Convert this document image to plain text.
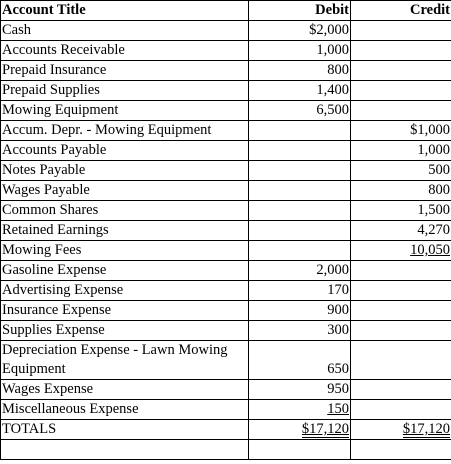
Account Title	Debit	Credit
Cash	$2,000	
Accounts Receivable	1,000	
Prepaid Insurance	800	
Prepaid Supplies	1,400	
Mowing Equipment	6,500	
Accum. Depr. - Mowing Equipment		$1,000
Accounts Payable		1,000
Notes Payable		500
Wages Payable		800
Common Shares		1,500
Retained Earnings		4,270
Mowing Fees		10,050
Gasoline Expense	2,000	
Advertising Expense	170	
Insurance Expense	900	
Supplies Expense	300	
Depreciation Expense - Lawn Mowing Equipment	650	
Wages Expense	950	
Miscellaneous Expense	150	
TOTALS	$17,120	$17,120
